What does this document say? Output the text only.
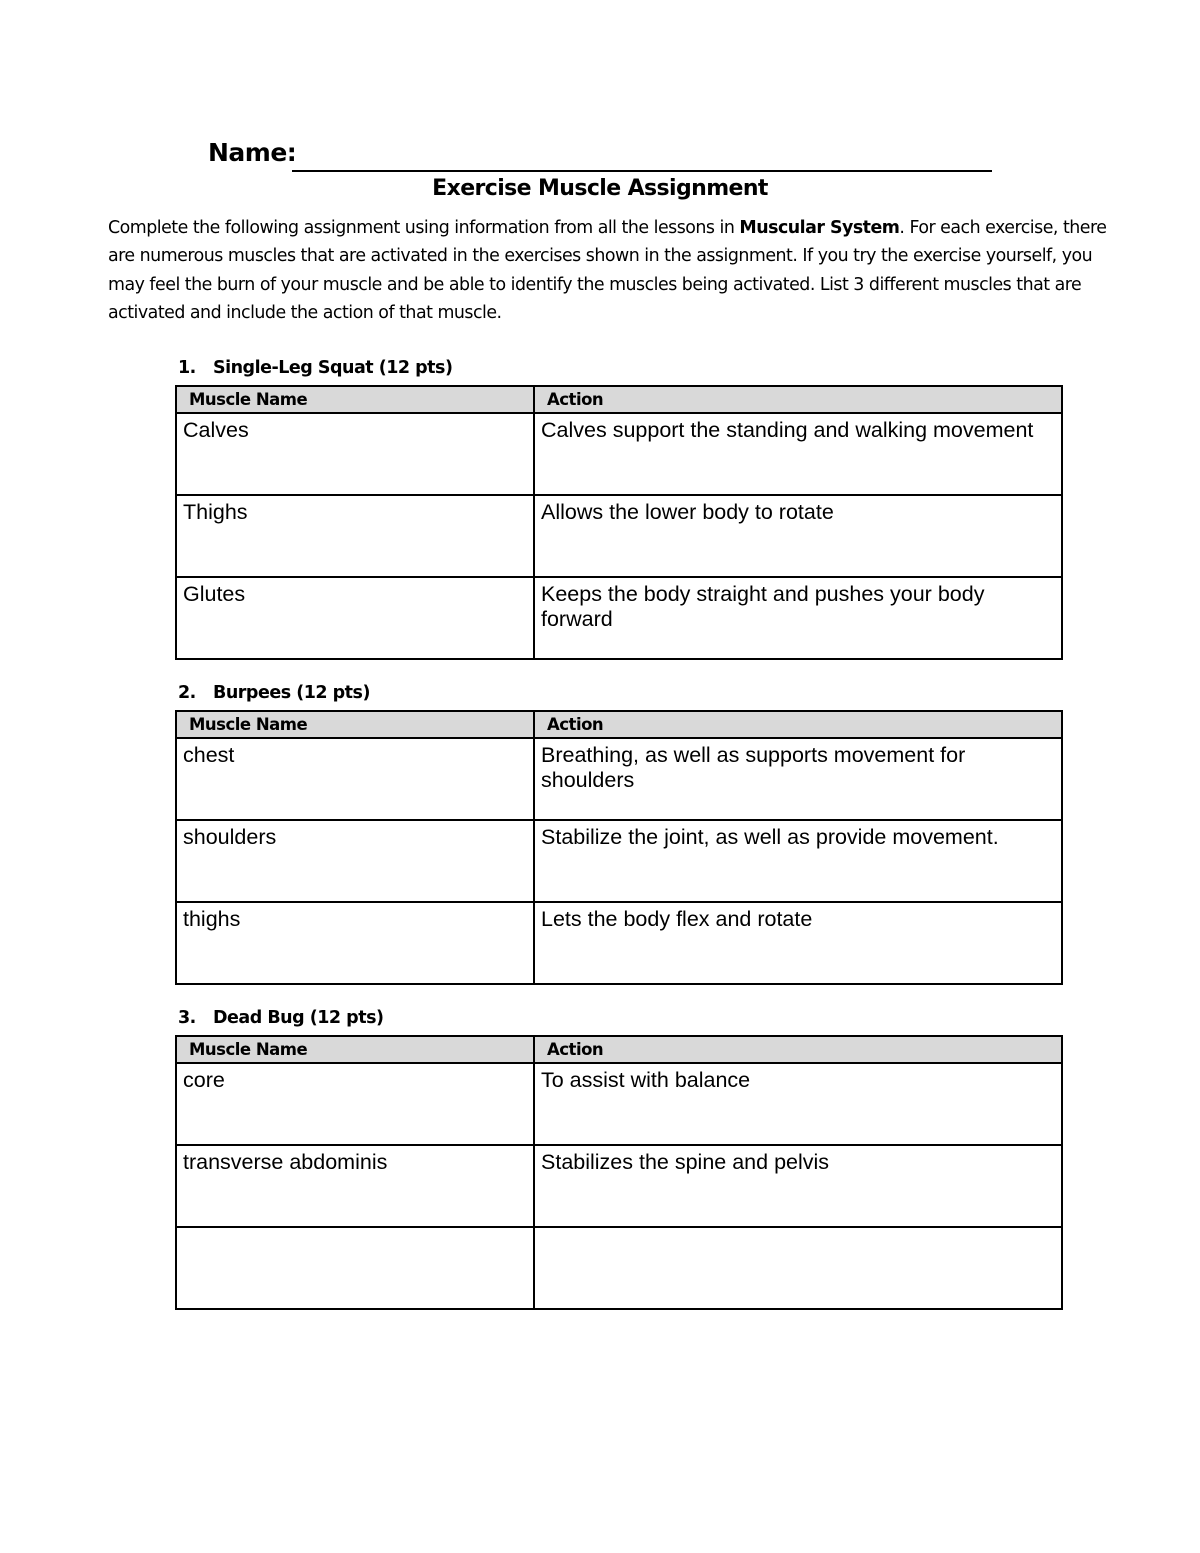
Name:
Exercise Muscle Assignment

Complete the following assignment using information from all the lessons in Muscular System. For each exercise, there are numerous muscles that are activated in the exercises shown in the assignment. If you try the exercise yourself, you may feel the burn of your muscle and be able to identify the muscles being activated. List 3 different muscles that are activated and include the action of that muscle.

1. Single-Leg Squat (12 pts)
Muscle Name	Action
Calves	Calves support the standing and walking movement
Thighs	Allows the lower body to rotate
Glutes	Keeps the body straight and pushes your body forward
2. Burpees (12 pts)
Muscle Name	Action
chest	Breathing, as well as supports movement for shoulders
shoulders	Stabilize the joint, as well as provide movement.
thighs	Lets the body flex and rotate
3. Dead Bug (12 pts)
Muscle Name	Action
core	To assist with balance
transverse abdominis	Stabilizes the spine and pelvis
